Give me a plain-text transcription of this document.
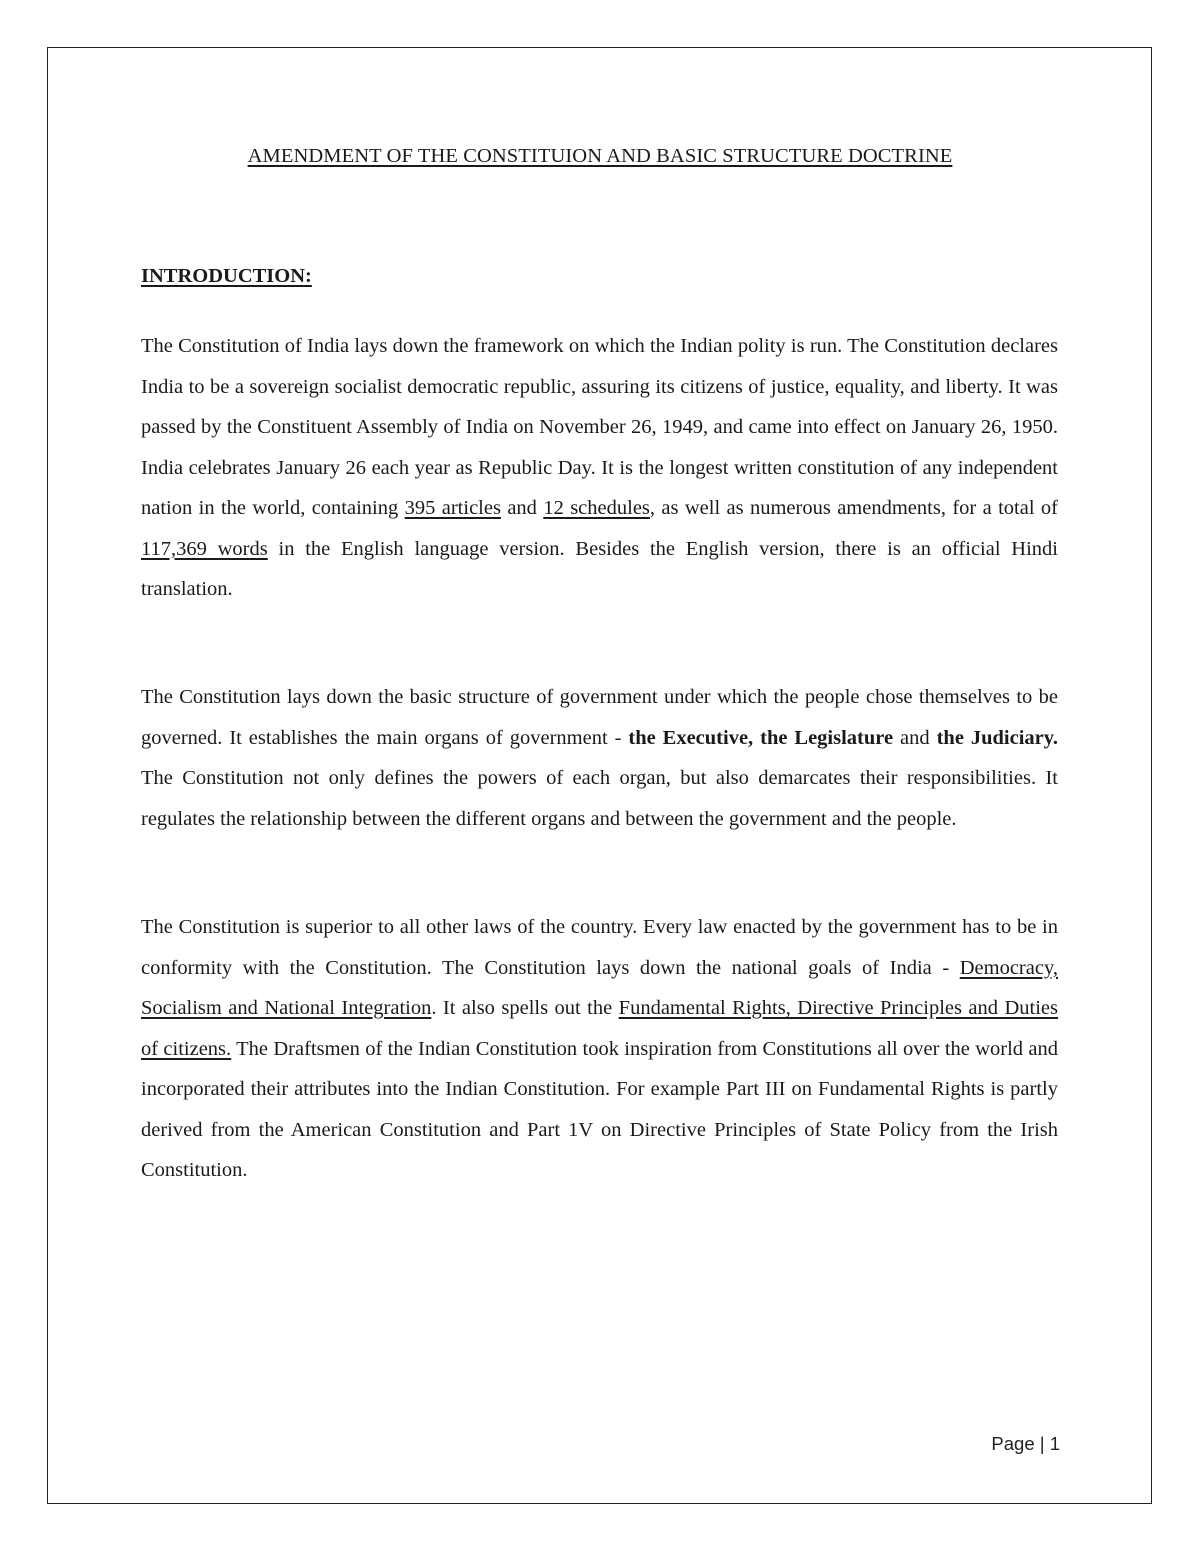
AMENDMENT OF THE CONSTITUION AND BASIC STRUCTURE DOCTRINE
INTRODUCTION:

The Constitution of India lays down the framework on which the Indian polity is run. The Constitution declares India to be a sovereign socialist democratic republic, assuring its citizens of justice, equality, and liberty. It was passed by the Constituent Assembly of India on November 26, 1949, and came into effect on January 26, 1950. India celebrates January 26 each year as Republic Day. It is the longest written constitution of any independent nation in the world, containing 395 articles and 12 schedules, as well as numerous amendments, for a total of 117,369 words in the English language version. Besides the English version, there is an official Hindi translation.

The Constitution lays down the basic structure of government under which the people chose themselves to be governed. It establishes the main organs of government - the Executive, the Legislature and the Judiciary. The Constitution not only defines the powers of each organ, but also demarcates their responsibilities. It regulates the relationship between the different organs and between the government and the people.

The Constitution is superior to all other laws of the country. Every law enacted by the government has to be in conformity with the Constitution. The Constitution lays down the national goals of India - Democracy, Socialism and National Integration. It also spells out the Fundamental Rights, Directive Principles and Duties of citizens. The Draftsmen of the Indian Constitution took inspiration from Constitutions all over the world and incorporated their attributes into the Indian Constitution. For example Part III on Fundamental Rights is partly derived from the American Constitution and Part 1V on Directive Principles of State Policy from the Irish Constitution.

Page | 1
